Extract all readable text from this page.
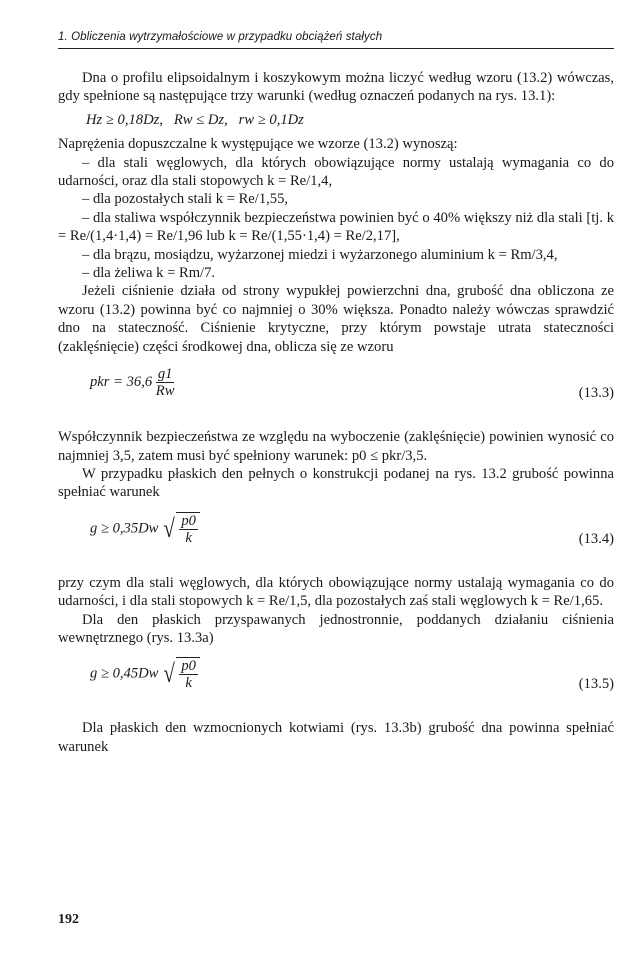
1. Obliczenia wytrzymałościowe w przypadku obciążeń stałych

Dna o profilu elipsoidalnym i koszykowym można liczyć według wzoru (13.2) wówczas, gdy spełnione są następujące trzy warunki (według oznaczeń podanych na rys. 13.1):

Hz ≥ 0,18Dz, Rw ≤ Dz, rw ≥ 0,1Dz

Naprężenia dopuszczalne k występujące we wzorze (13.2) wynoszą:

– dla stali węglowych, dla których obowiązujące normy ustalają wymagania co do udarności, oraz dla stali stopowych k = Re/1,4,

– dla pozostałych stali k = Re/1,55,

– dla staliwa współczynnik bezpieczeństwa powinien być o 40% większy niż dla stali [tj. k = Re/(1,4·1,4) = Re/1,96 lub k = Re/(1,55·1,4) = Re/2,17],

– dla brązu, mosiądzu, wyżarzonej miedzi i wyżarzonego aluminium k = Rm/3,4,

– dla żeliwa k = Rm/7.

Jeżeli ciśnienie działa od strony wypukłej powierzchni dna, grubość dna obliczona ze wzoru (13.2) powinna być co najmniej o 30% większa. Ponadto należy wówczas sprawdzić dno na stateczność. Ciśnienie krytyczne, przy którym powstaje utrata stateczności (zaklęśnięcie) części środkowej dna, oblicza się ze wzoru

pkr = $36,6 \frac{g1}{Rw}$	(13.3)

Współczynnik bezpieczeństwa ze względu na wyboczenie (zaklęśnięcie) powinien wynosić co najmniej 3,5, zatem musi być spełniony warunek: p0 ≤ pkr/3,5.

W przypadku płaskich den pełnych o konstrukcji podanej na rys. 13.2 grubość powinna spełniać warunek

g ≥ 0,35Dw √ $\frac{p0}{k}$	(13.4)

przy czym dla stali węglowych, dla których obowiązujące normy ustalają wymagania co do udarności, i dla stali stopowych k = Re/1,5, dla pozostałych zaś stali węglowych k = Re/1,65.

Dla den płaskich przyspawanych jednostronnie, poddanych działaniu ciśnienia wewnętrznego (rys. 13.3a)

g ≥ 0,45Dw √ $\frac{p0}{k}$	(13.5)

Dla płaskich den wzmocnionych kotwiami (rys. 13.3b) grubość dna powinna spełniać warunek

192
